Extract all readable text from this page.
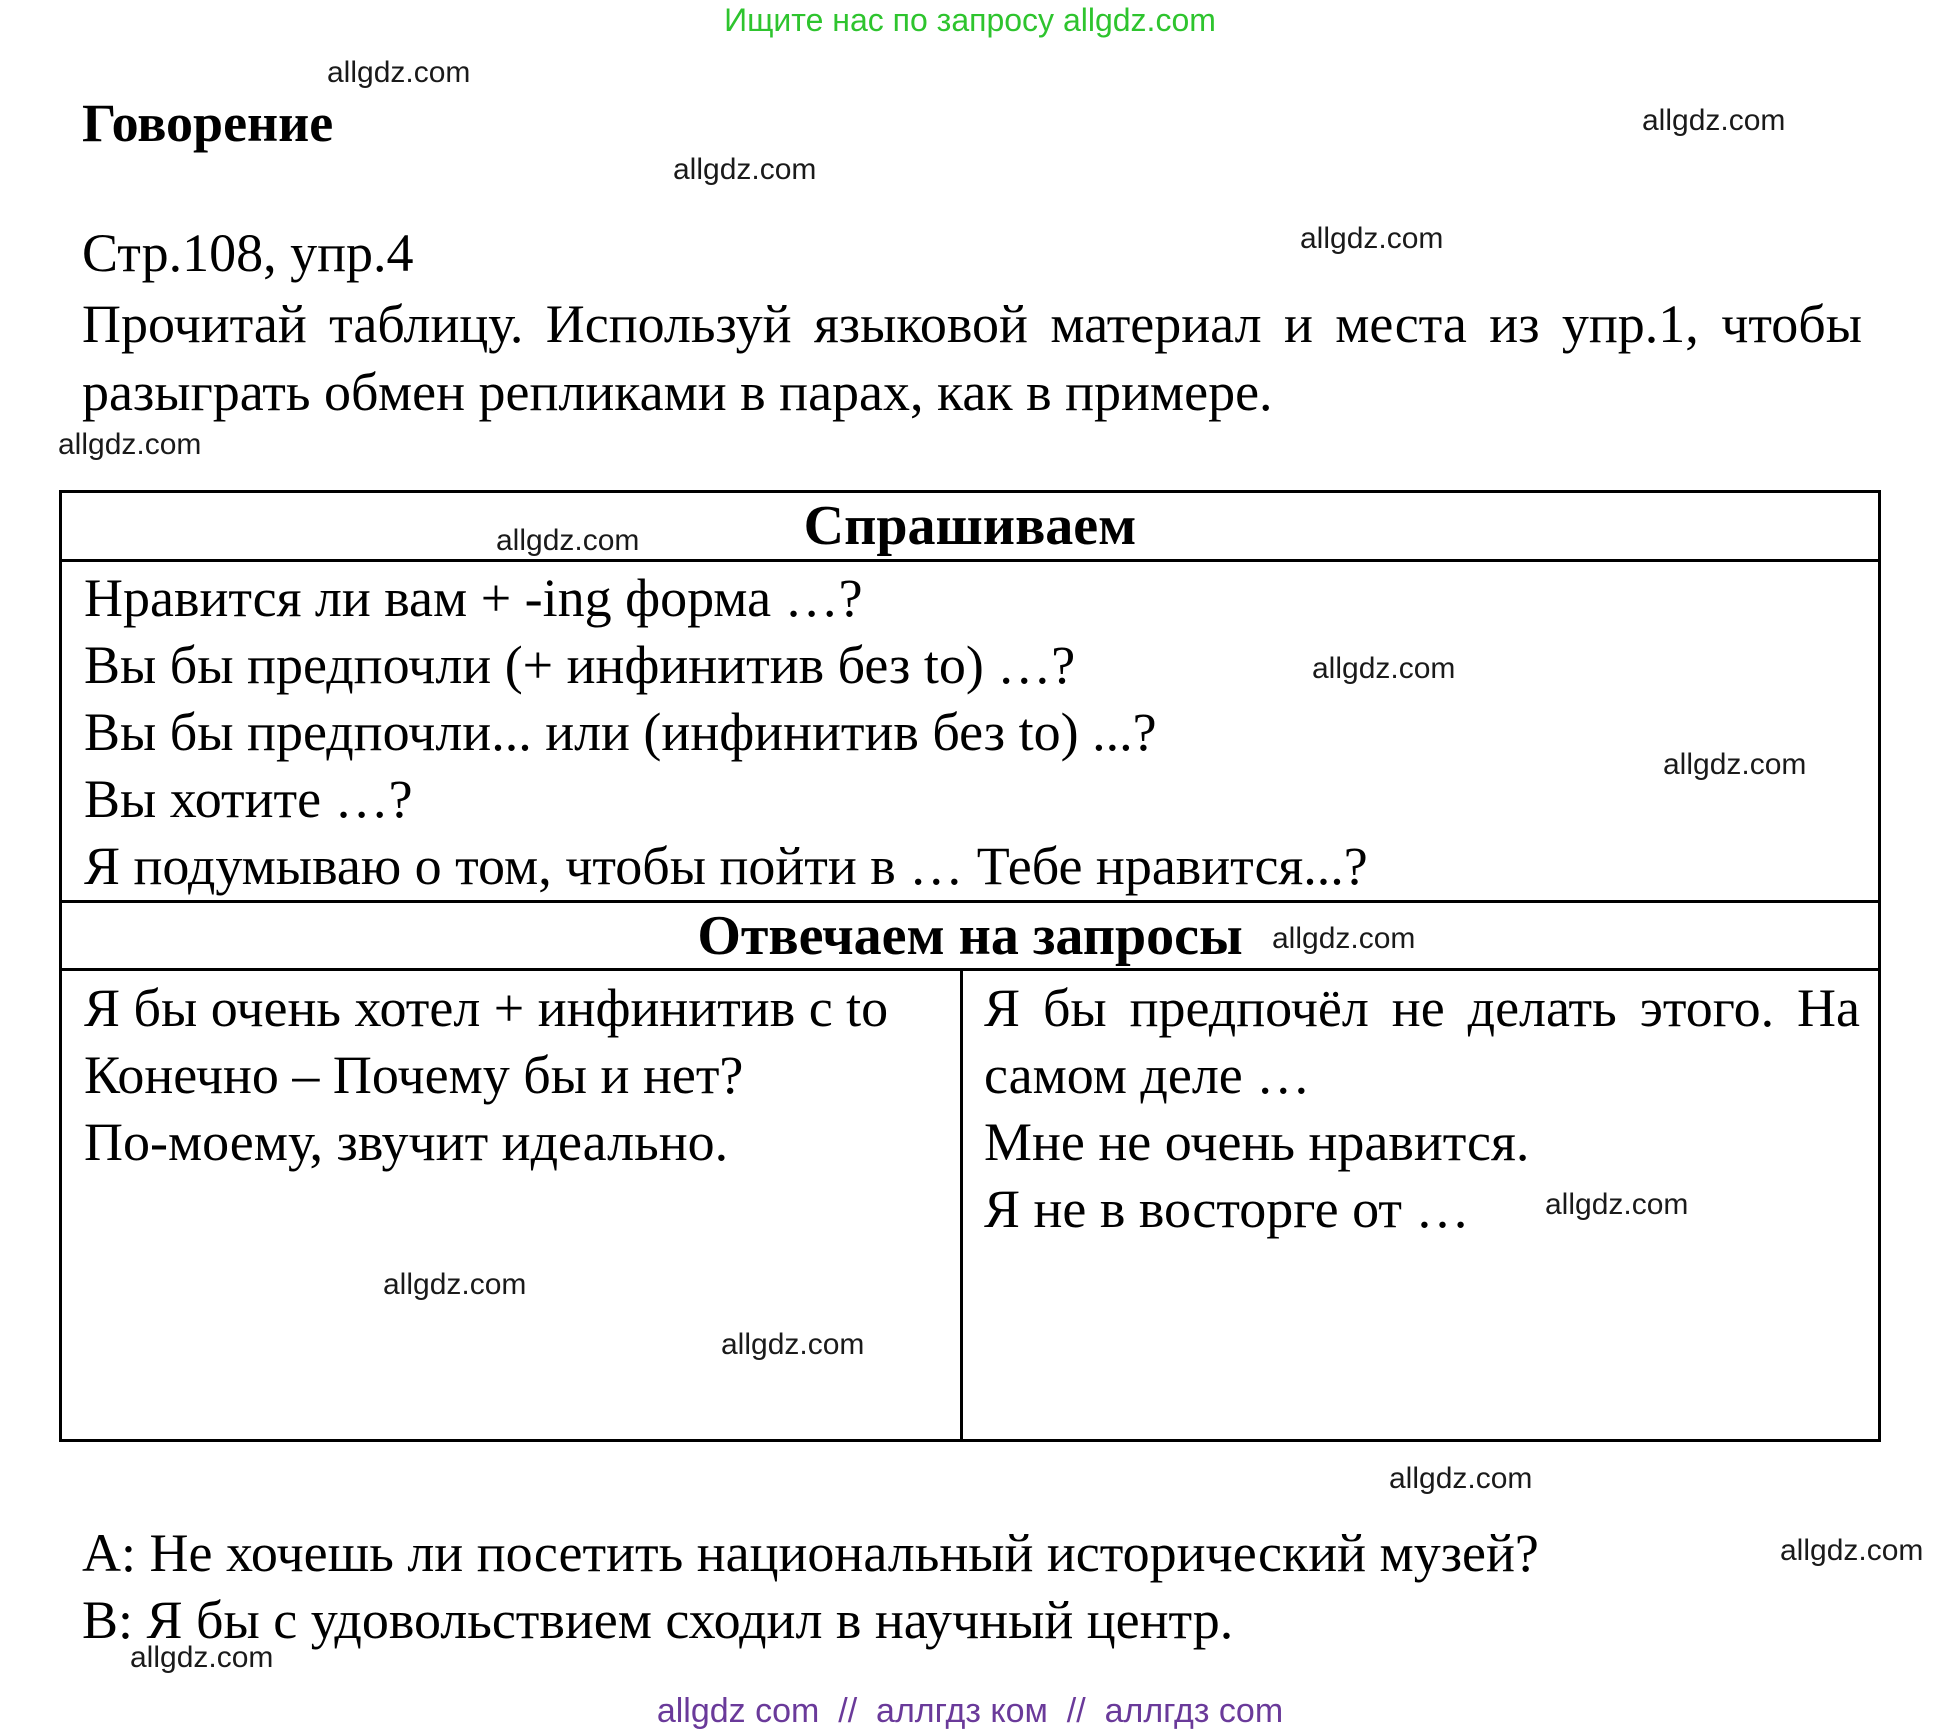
Ищите нас по запросу allgdz.com
Говорение
Стр.108, упр.4
Прочитай таблицу. Используй языковой материал и места из упр.1, чтобы разыграть обмен репликами в парах, как в примере.
Спрашиваем
Нравится ли вам + -ing форма …?
Вы бы предпочли (+ инфинитив без to) …?
Вы бы предпочли... или (инфинитив без to) ...?
Вы хотите …?
Я подумываю о том, чтобы пойти в … Тебе нравится...?
Отвечаем на запросы
Я бы очень хотел + инфинитив с to
Конечно – Почему бы и нет?
По-моему, звучит идеально.
Я бы предпочёл не делать этого. На самом деле …
Мне не очень нравится.
Я не в восторге от …
A: Не хочешь ли посетить национальный исторический музей?
B: Я бы с удовольствием сходил в научный центр.
allgdz.com
allgdz.com
allgdz.com
allgdz.com
allgdz.com
allgdz.com
allgdz.com
allgdz.com
allgdz.com
allgdz.com
allgdz.com
allgdz.com
allgdz.com
allgdz.com
allgdz.com
allgdz com  //  аллгдз ком  //  аллгдз com
